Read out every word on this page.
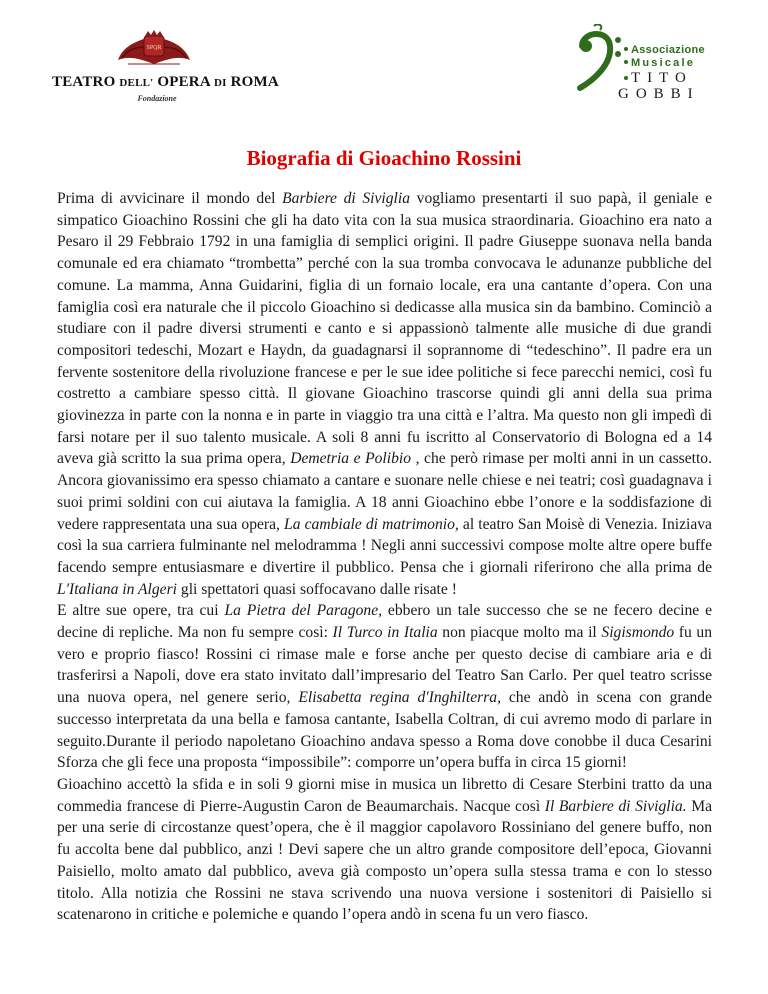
SPQR
TEATRO DELL' OPERA DI ROMA
Fondazione
Associazione
Musicale
TITO
GOBBI
Biografia di Gioachino Rossini

Prima di avvicinare il mondo del Barbiere di Siviglia vogliamo presentarti il suo papà, il geniale e simpatico Gioachino Rossini che gli ha dato vita con la sua musica straordinaria. Gioachino era nato a Pesaro il 29 Febbraio 1792 in una famiglia di semplici origini. Il padre Giuseppe suonava nella banda comunale ed era chiamato “trombetta” perché con la sua tromba convocava le adunanze pubbliche del comune. La mamma, Anna Guidarini, figlia di un fornaio locale, era una cantante d’opera. Con una famiglia così era naturale che il piccolo Gioachino si dedicasse alla musica sin da bambino. Cominciò a studiare con il padre diversi strumenti e canto e si appassionò talmente alle musiche di due grandi compositori tedeschi, Mozart e Haydn, da guadagnarsi il soprannome di “tedeschino”. Il padre era un fervente sostenitore della rivoluzione francese e per le sue idee politiche si fece parecchi nemici, così fu costretto a cambiare spesso città. Il giovane Gioachino trascorse quindi gli anni della sua prima giovinezza in parte con la nonna e in parte in viaggio tra una città e l’altra. Ma questo non gli impedì di farsi notare per il suo talento musicale. A soli 8 anni fu iscritto al Conservatorio di Bologna ed a 14 aveva già scritto la sua prima opera, Demetria e Polibio , che però rimase per molti anni in un cassetto. Ancora giovanissimo era spesso chiamato a cantare e suonare nelle chiese e nei teatri; così guadagnava i suoi primi soldini con cui aiutava la famiglia. A 18 anni Gioachino ebbe l’onore e la soddisfazione di vedere rappresentata una sua opera, La cambiale di matrimonio, al teatro San Moisè di Venezia. Iniziava così la sua carriera fulminante nel melodramma ! Negli anni successivi compose molte altre opere buffe facendo sempre entusiasmare e divertire il pubblico. Pensa che i giornali riferirono che alla prima de L'Italiana in Algeri gli spettatori quasi soffocavano dalle risate !

E altre sue opere, tra cui La Pietra del Paragone, ebbero un tale successo che se ne fecero decine e decine di repliche. Ma non fu sempre così: Il Turco in Italia non piacque molto ma il Sigismondo fu un vero e proprio fiasco! Rossini ci rimase male e forse anche per questo decise di cambiare aria e di trasferirsi a Napoli, dove era stato invitato dall’impresario del Teatro San Carlo. Per quel teatro scrisse una nuova opera, nel genere serio, Elisabetta regina d'Inghilterra, che andò in scena con grande successo interpretata da una bella e famosa cantante, Isabella Coltran, di cui avremo modo di parlare in seguito.Durante il periodo napoletano Gioachino andava spesso a Roma dove conobbe il duca Cesarini Sforza che gli fece una proposta “impossibile”: comporre un’opera buffa in circa 15 giorni!

Gioachino accettò la sfida e in soli 9 giorni mise in musica un libretto di Cesare Sterbini tratto da una commedia francese di Pierre-Augustin Caron de Beaumarchais. Nacque così Il Barbiere di Siviglia. Ma per una serie di circostanze quest’opera, che è il maggior capolavoro Rossiniano del genere buffo, non fu accolta bene dal pubblico, anzi ! Devi sapere che un altro grande compositore dell’epoca, Giovanni Paisiello, molto amato dal pubblico, aveva già composto un’opera sulla stessa trama e con lo stesso titolo. Alla notizia che Rossini ne stava scrivendo una nuova versione i sostenitori di Paisiello si scatenarono in critiche e polemiche e quando l’opera andò in scena fu un vero fiasco.
